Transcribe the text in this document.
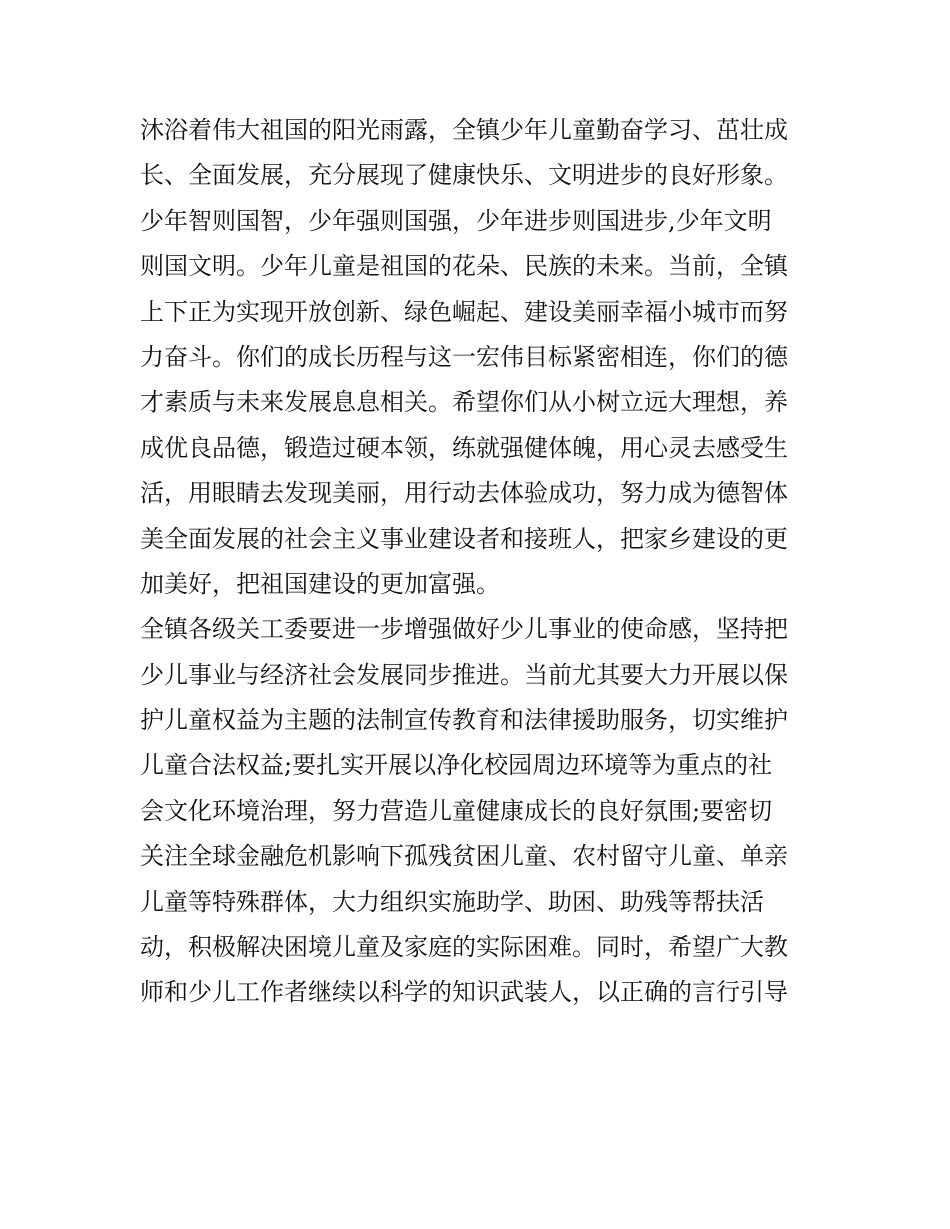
沐浴着伟大祖国的阳光雨露，全镇少年儿童勤奋学习、茁壮成
长、全面发展，充分展现了健康快乐、文明进步的良好形象。
少年智则国智，少年强则国强，少年进步则国进步,少年文明
则国文明。少年儿童是祖国的花朵、民族的未来。当前，全镇
上下正为实现开放创新、绿色崛起、建设美丽幸福小城市而努
力奋斗。你们的成长历程与这一宏伟目标紧密相连，你们的德
才素质与未来发展息息相关。希望你们从小树立远大理想，养
成优良品德，锻造过硬本领，练就强健体魄，用心灵去感受生
活，用眼睛去发现美丽，用行动去体验成功，努力成为德智体
美全面发展的社会主义事业建设者和接班人，把家乡建设的更
加美好，把祖国建设的更加富强。
全镇各级关工委要进一步增强做好少儿事业的使命感，坚持把
少儿事业与经济社会发展同步推进。当前尤其要大力开展以保
护儿童权益为主题的法制宣传教育和法律援助服务，切实维护
儿童合法权益;要扎实开展以净化校园周边环境等为重点的社
会文化环境治理，努力营造儿童健康成长的良好氛围;要密切
关注全球金融危机影响下孤残贫困儿童、农村留守儿童、单亲
儿童等特殊群体，大力组织实施助学、助困、助残等帮扶活
动，积极解决困境儿童及家庭的实际困难。同时，希望广大教
师和少儿工作者继续以科学的知识武装人，以正确的言行引导
